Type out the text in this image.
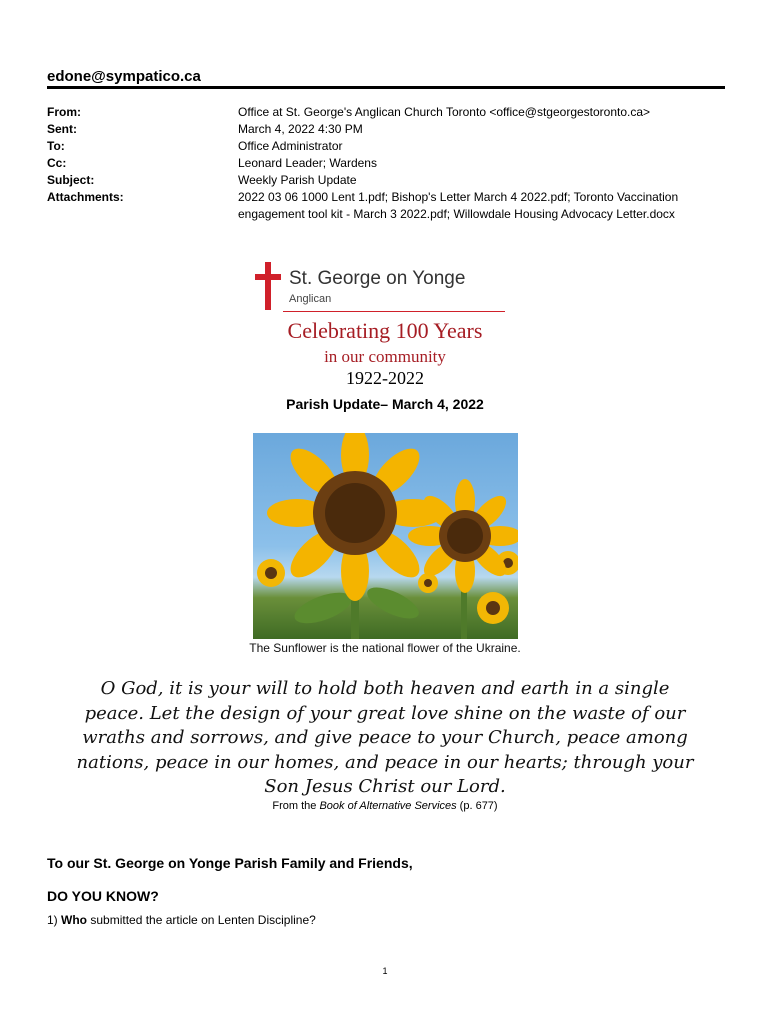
edone@sympatico.ca
From:	Office at St. George's Anglican Church Toronto <office@stgeorgestoronto.ca>
Sent:	March 4, 2022 4:30 PM
To:	Office Administrator
Cc:	Leonard Leader; Wardens
Subject:	Weekly Parish Update
Attachments:	2022 03 06 1000 Lent 1.pdf; Bishop's Letter March 4 2022.pdf; Toronto Vaccination engagement tool kit - March 3 2022.pdf; Willowdale Housing Advocacy Letter.docx
St. George on Yonge
Anglican
Celebrating 100 Years
in our community
1922-2022
Parish Update– March 4, 2022
The Sunflower is the national flower of the Ukraine.
O God, it is your will to hold both heaven and earth in a single peace. Let the design of your great love shine on the waste of our wraths and sorrows, and give peace to your Church, peace among nations, peace in our homes, and peace in our hearts; through your Son Jesus Christ our Lord.
From the Book of Alternative Services (p. 677)
To our St. George on Yonge Parish Family and Friends,
DO YOU KNOW?
1) Who submitted the article on Lenten Discipline?
1
